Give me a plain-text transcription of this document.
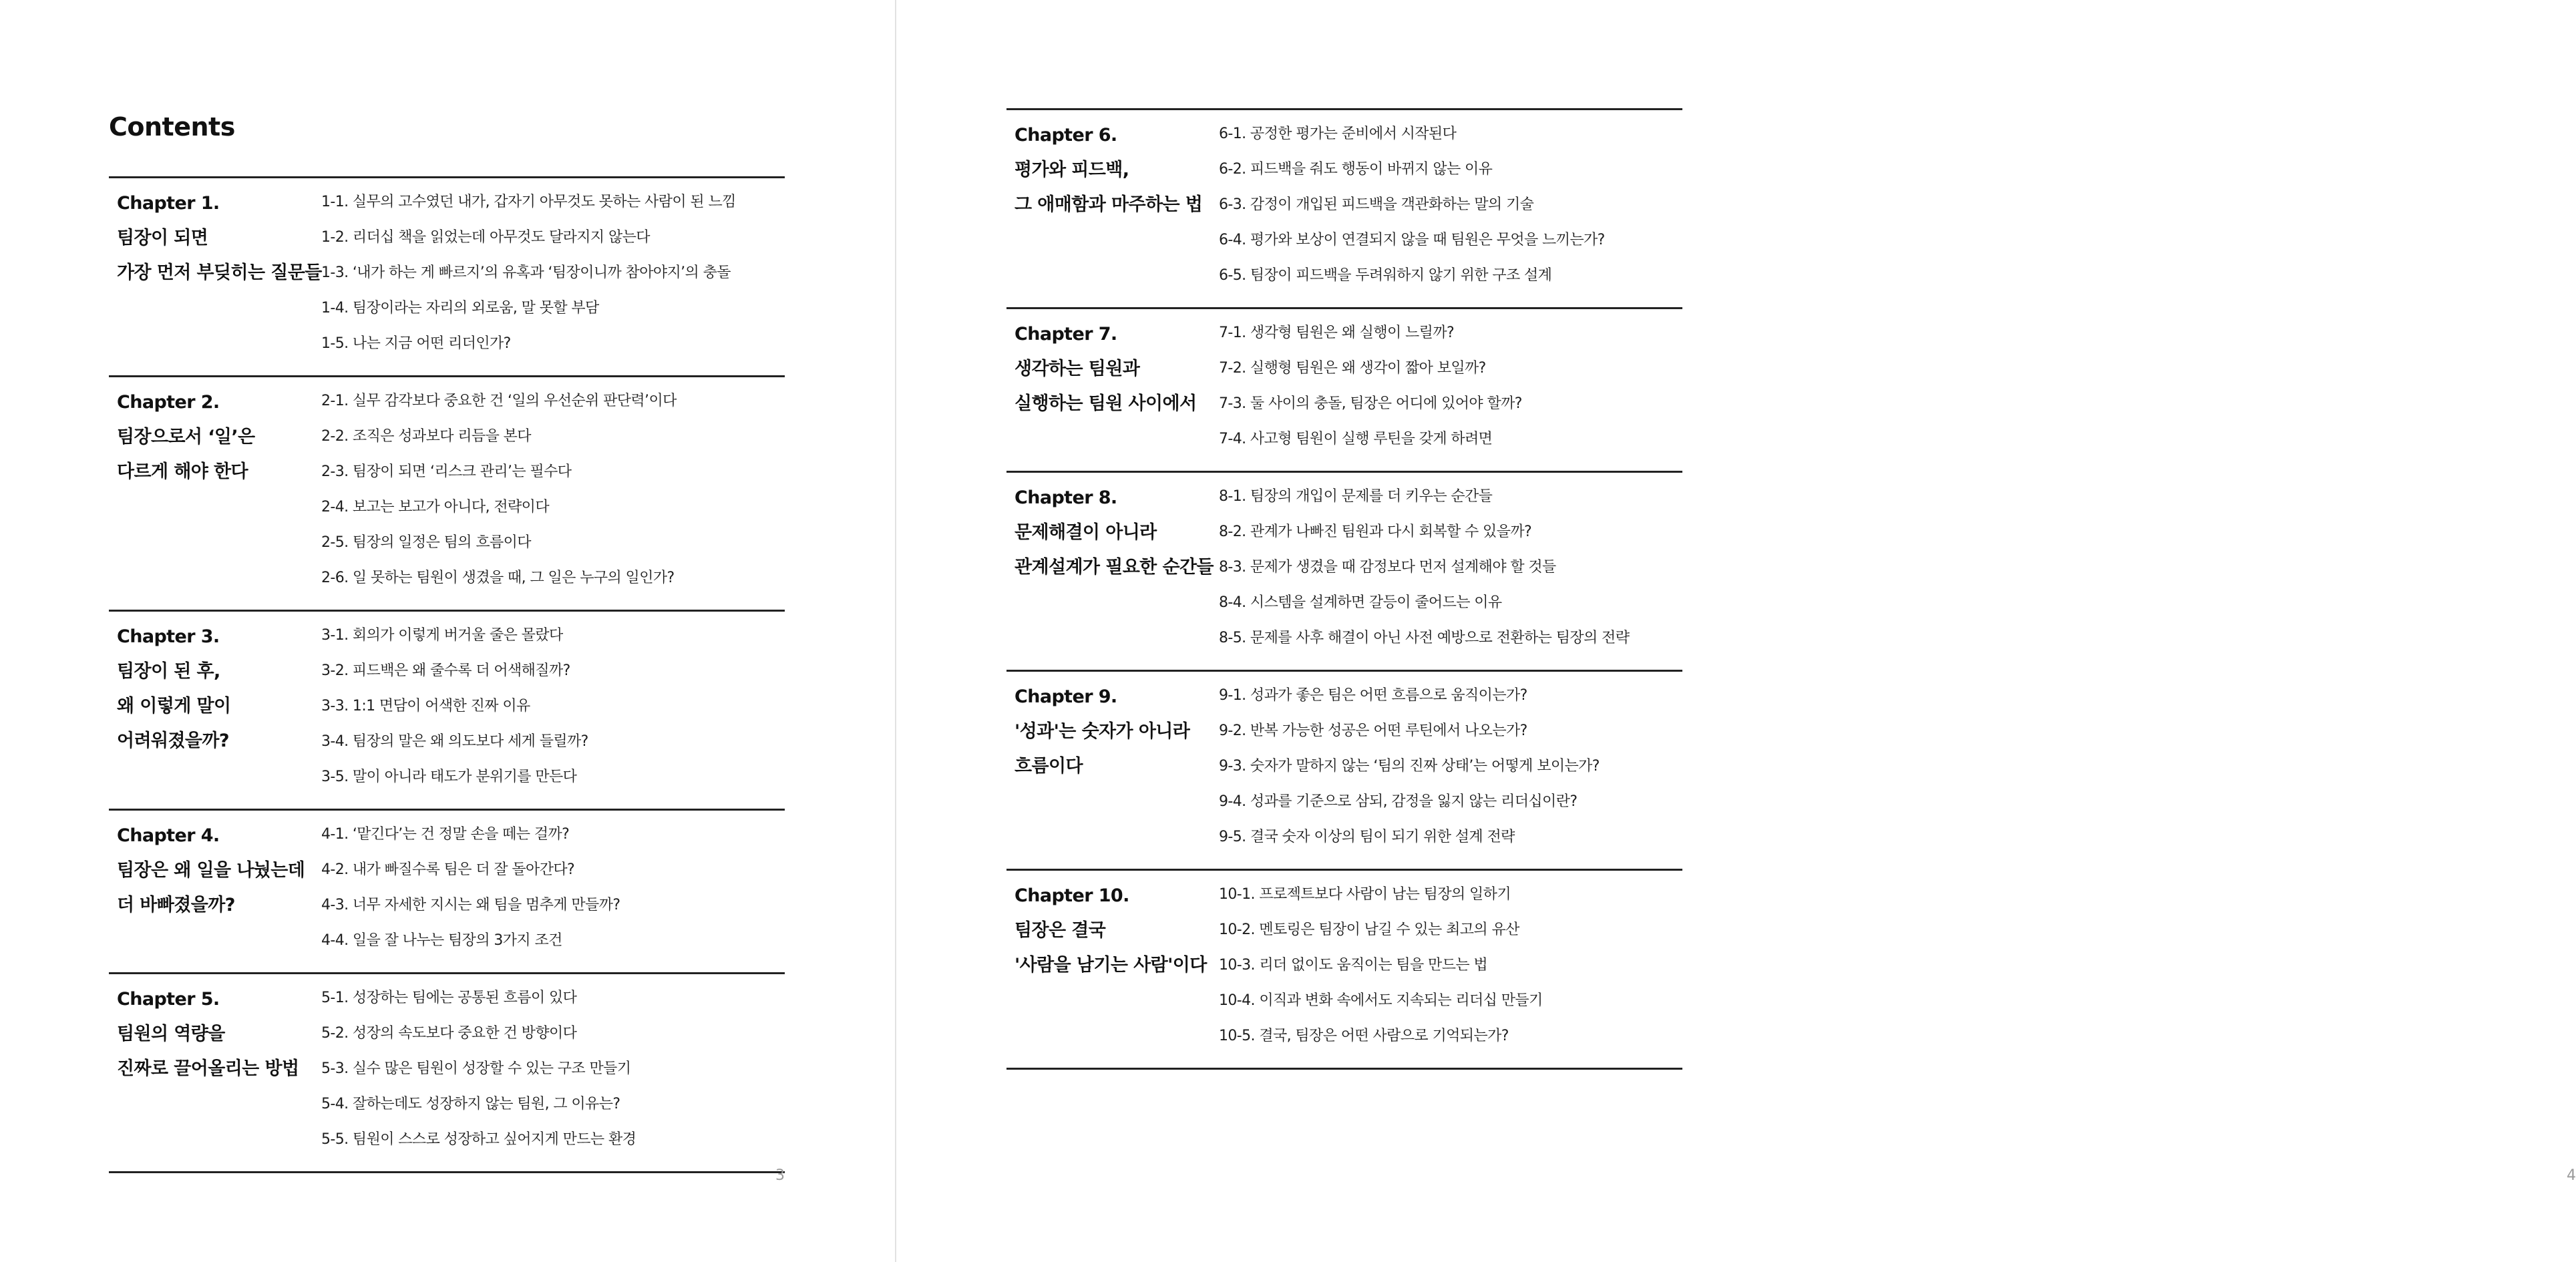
Contents
Chapter 1.
팀장이 되면
가장 먼저 부딪히는 질문들
1-1. 실무의 고수였던 내가, 갑자기 아무것도 못하는 사람이 된 느낌
1-2. 리더십 책을 읽었는데 아무것도 달라지지 않는다
1-3. ‘내가 하는 게 빠르지’의 유혹과 ‘팀장이니까 참아야지’의 충돌
1-4. 팀장이라는 자리의 외로움, 말 못할 부담
1-5. 나는 지금 어떤 리더인가?
Chapter 2.
팀장으로서 ‘일’은
다르게 해야 한다
2-1. 실무 감각보다 중요한 건 ‘일의 우선순위 판단력’이다
2-2. 조직은 성과보다 리듬을 본다
2-3. 팀장이 되면 ‘리스크 관리’는 필수다
2-4. 보고는 보고가 아니다, 전략이다
2-5. 팀장의 일정은 팀의 흐름이다
2-6. 일 못하는 팀원이 생겼을 때, 그 일은 누구의 일인가?
Chapter 3.
팀장이 된 후,
왜 이렇게 말이
어려워졌을까?
3-1. 회의가 이렇게 버거울 줄은 몰랐다
3-2. 피드백은 왜 줄수록 더 어색해질까?
3-3. 1:1 면담이 어색한 진짜 이유
3-4. 팀장의 말은 왜 의도보다 세게 들릴까?
3-5. 말이 아니라 태도가 분위기를 만든다
Chapter 4.
팀장은 왜 일을 나눴는데
더 바빠졌을까?
4-1. ‘맡긴다’는 건 정말 손을 떼는 걸까?
4-2. 내가 빠질수록 팀은 더 잘 돌아간다?
4-3. 너무 자세한 지시는 왜 팀을 멈추게 만들까?
4-4. 일을 잘 나누는 팀장의 3가지 조건
Chapter 5.
팀원의 역량을
진짜로 끌어올리는 방법
5-1. 성장하는 팀에는 공통된 흐름이 있다
5-2. 성장의 속도보다 중요한 건 방향이다
5-3. 실수 많은 팀원이 성장할 수 있는 구조 만들기
5-4. 잘하는데도 성장하지 않는 팀원, 그 이유는?
5-5. 팀원이 스스로 성장하고 싶어지게 만드는 환경
3	4
Chapter 6.
평가와 피드백,
그 애매함과 마주하는 법
6-1. 공정한 평가는 준비에서 시작된다
6-2. 피드백을 줘도 행동이 바뀌지 않는 이유
6-3. 감정이 개입된 피드백을 객관화하는 말의 기술
6-4. 평가와 보상이 연결되지 않을 때 팀원은 무엇을 느끼는가?
6-5. 팀장이 피드백을 두려워하지 않기 위한 구조 설계
Chapter 7.
생각하는 팀원과
실행하는 팀원 사이에서
7-1. 생각형 팀원은 왜 실행이 느릴까?
7-2. 실행형 팀원은 왜 생각이 짧아 보일까?
7-3. 둘 사이의 충돌, 팀장은 어디에 있어야 할까?
7-4. 사고형 팀원이 실행 루틴을 갖게 하려면
Chapter 8.
문제해결이 아니라
관계설계가 필요한 순간들
8-1. 팀장의 개입이 문제를 더 키우는 순간들
8-2. 관계가 나빠진 팀원과 다시 회복할 수 있을까?
8-3. 문제가 생겼을 때 감정보다 먼저 설계해야 할 것들
8-4. 시스템을 설계하면 갈등이 줄어드는 이유
8-5. 문제를 사후 해결이 아닌 사전 예방으로 전환하는 팀장의 전략
Chapter 9.
'성과'는 숫자가 아니라
흐름이다
9-1. 성과가 좋은 팀은 어떤 흐름으로 움직이는가?
9-2. 반복 가능한 성공은 어떤 루틴에서 나오는가?
9-3. 숫자가 말하지 않는 ‘팀의 진짜 상태’는 어떻게 보이는가?
9-4. 성과를 기준으로 삼되, 감정을 잃지 않는 리더십이란?
9-5. 결국 숫자 이상의 팀이 되기 위한 설계 전략
Chapter 10.
팀장은 결국
'사람을 남기는 사람'이다
10-1. 프로젝트보다 사람이 남는 팀장의 일하기
10-2. 멘토링은 팀장이 남길 수 있는 최고의 유산
10-3. 리더 없이도 움직이는 팀을 만드는 법
10-4. 이직과 변화 속에서도 지속되는 리더십 만들기
10-5. 결국, 팀장은 어떤 사람으로 기억되는가?
